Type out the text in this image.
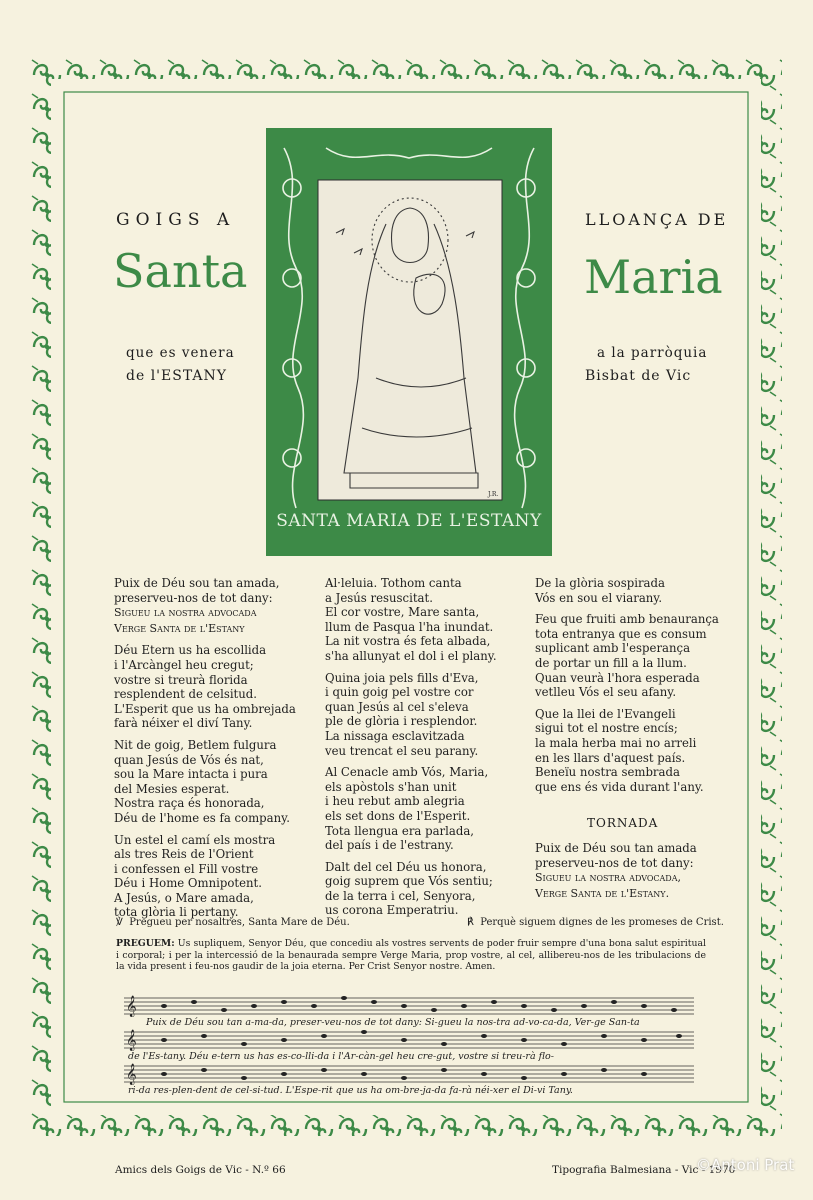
GOIGS A	LLOANÇA DE
Santa	Maria
que es venera
de l'ESTANY
a la parròquia
Bisbat de Vic
J.R.
SANTA MARIA DE L'ESTANY
Puix de Déu sou tan amada,
preserveu-nos de tot dany:
Sigueu la nostra advocada
Verge Santa de l'Estany
Déu Etern us ha escollida
i l'Arcàngel heu cregut;
vostre si treurà florida
resplendent de celsitud.
L'Esperit que us ha ombrejada
farà néixer el diví Tany.
Nit de goig, Betlem fulgura
quan Jesús de Vós és nat,
sou la Mare intacta i pura
del Mesies esperat.
Nostra raça és honorada,
Déu de l'home es fa company.
Un estel el camí els mostra
als tres Reis de l'Orient
i confessen el Fill vostre
Déu i Home Omnipotent.
A Jesús, o Mare amada,
tota glòria li pertany.
Al·leluia. Tothom canta
a Jesús resuscitat.
El cor vostre, Mare santa,
llum de Pasqua l'ha inundat.
La nit vostra és feta albada,
s'ha allunyat el dol i el plany.
Quina joia pels fills d'Eva,
i quin goig pel vostre cor
quan Jesús al cel s'eleva
ple de glòria i resplendor.
La nissaga esclavitzada
veu trencat el seu parany.
Al Cenacle amb Vós, Maria,
els apòstols s'han unit
i heu rebut amb alegria
els set dons de l'Esperit.
Tota llengua era parlada,
del país i de l'estrany.
Dalt del cel Déu us honora,
goig suprem que Vós sentiu;
de la terra i cel, Senyora,
us corona Emperatriu.
De la glòria sospirada
Vós en sou el viarany.
Feu que fruiti amb benaurança
tota entranya que es consum
suplicant amb l'esperança
de portar un fill a la llum.
Quan veurà l'hora esperada
vetlleu Vós el seu afany.
Que la llei de l'Evangeli
sigui tot el nostre encís;
la mala herba mai no arreli
en les llars d'aquest país.
Beneïu nostra sembrada
que ens és vida durant l'any.
TORNADA
Puix de Déu sou tan amada
preserveu-nos de tot dany:
Sigueu la nostra advocada,
Verge Santa de l'Estany.
℣ Pregueu per nosaltres, Santa Mare de Déu.	℟ Perquè siguem dignes de les promeses de Crist.
PREGUEM: Us supliquem, Senyor Déu, que concediu als vostres servents de poder fruir sempre d'una bona salut espiritual i corporal; i per la intercessió de la benaurada sempre Verge Maria, prop vostre, al cel, allibereu-nos de les tribulacions de la vida present i feu-nos gaudir de la joia eterna. Per Crist Senyor nostre. Amen.
𝄞
𝄞
𝄞
Puix de Déu sou tan a-ma-da, preser-veu-nos de tot dany: Si-gueu la nos-tra ad-vo-ca-da, Ver-ge San-ta
de l'Es-tany. Déu e-tern us has es-co-lli-da i l'Ar-càn-gel heu cre-gut, vostre si treu-rà flo-
ri-da res-plen-dent de cel-si-tud. L'Espe-rit que us ha om-bre-ja-da fa-rà néi-xer el Di-vi Tany.
Amics dels Goigs de Vic - N.º 66	Tipografia Balmesiana - Vic - 1970
©Antoni Prat
